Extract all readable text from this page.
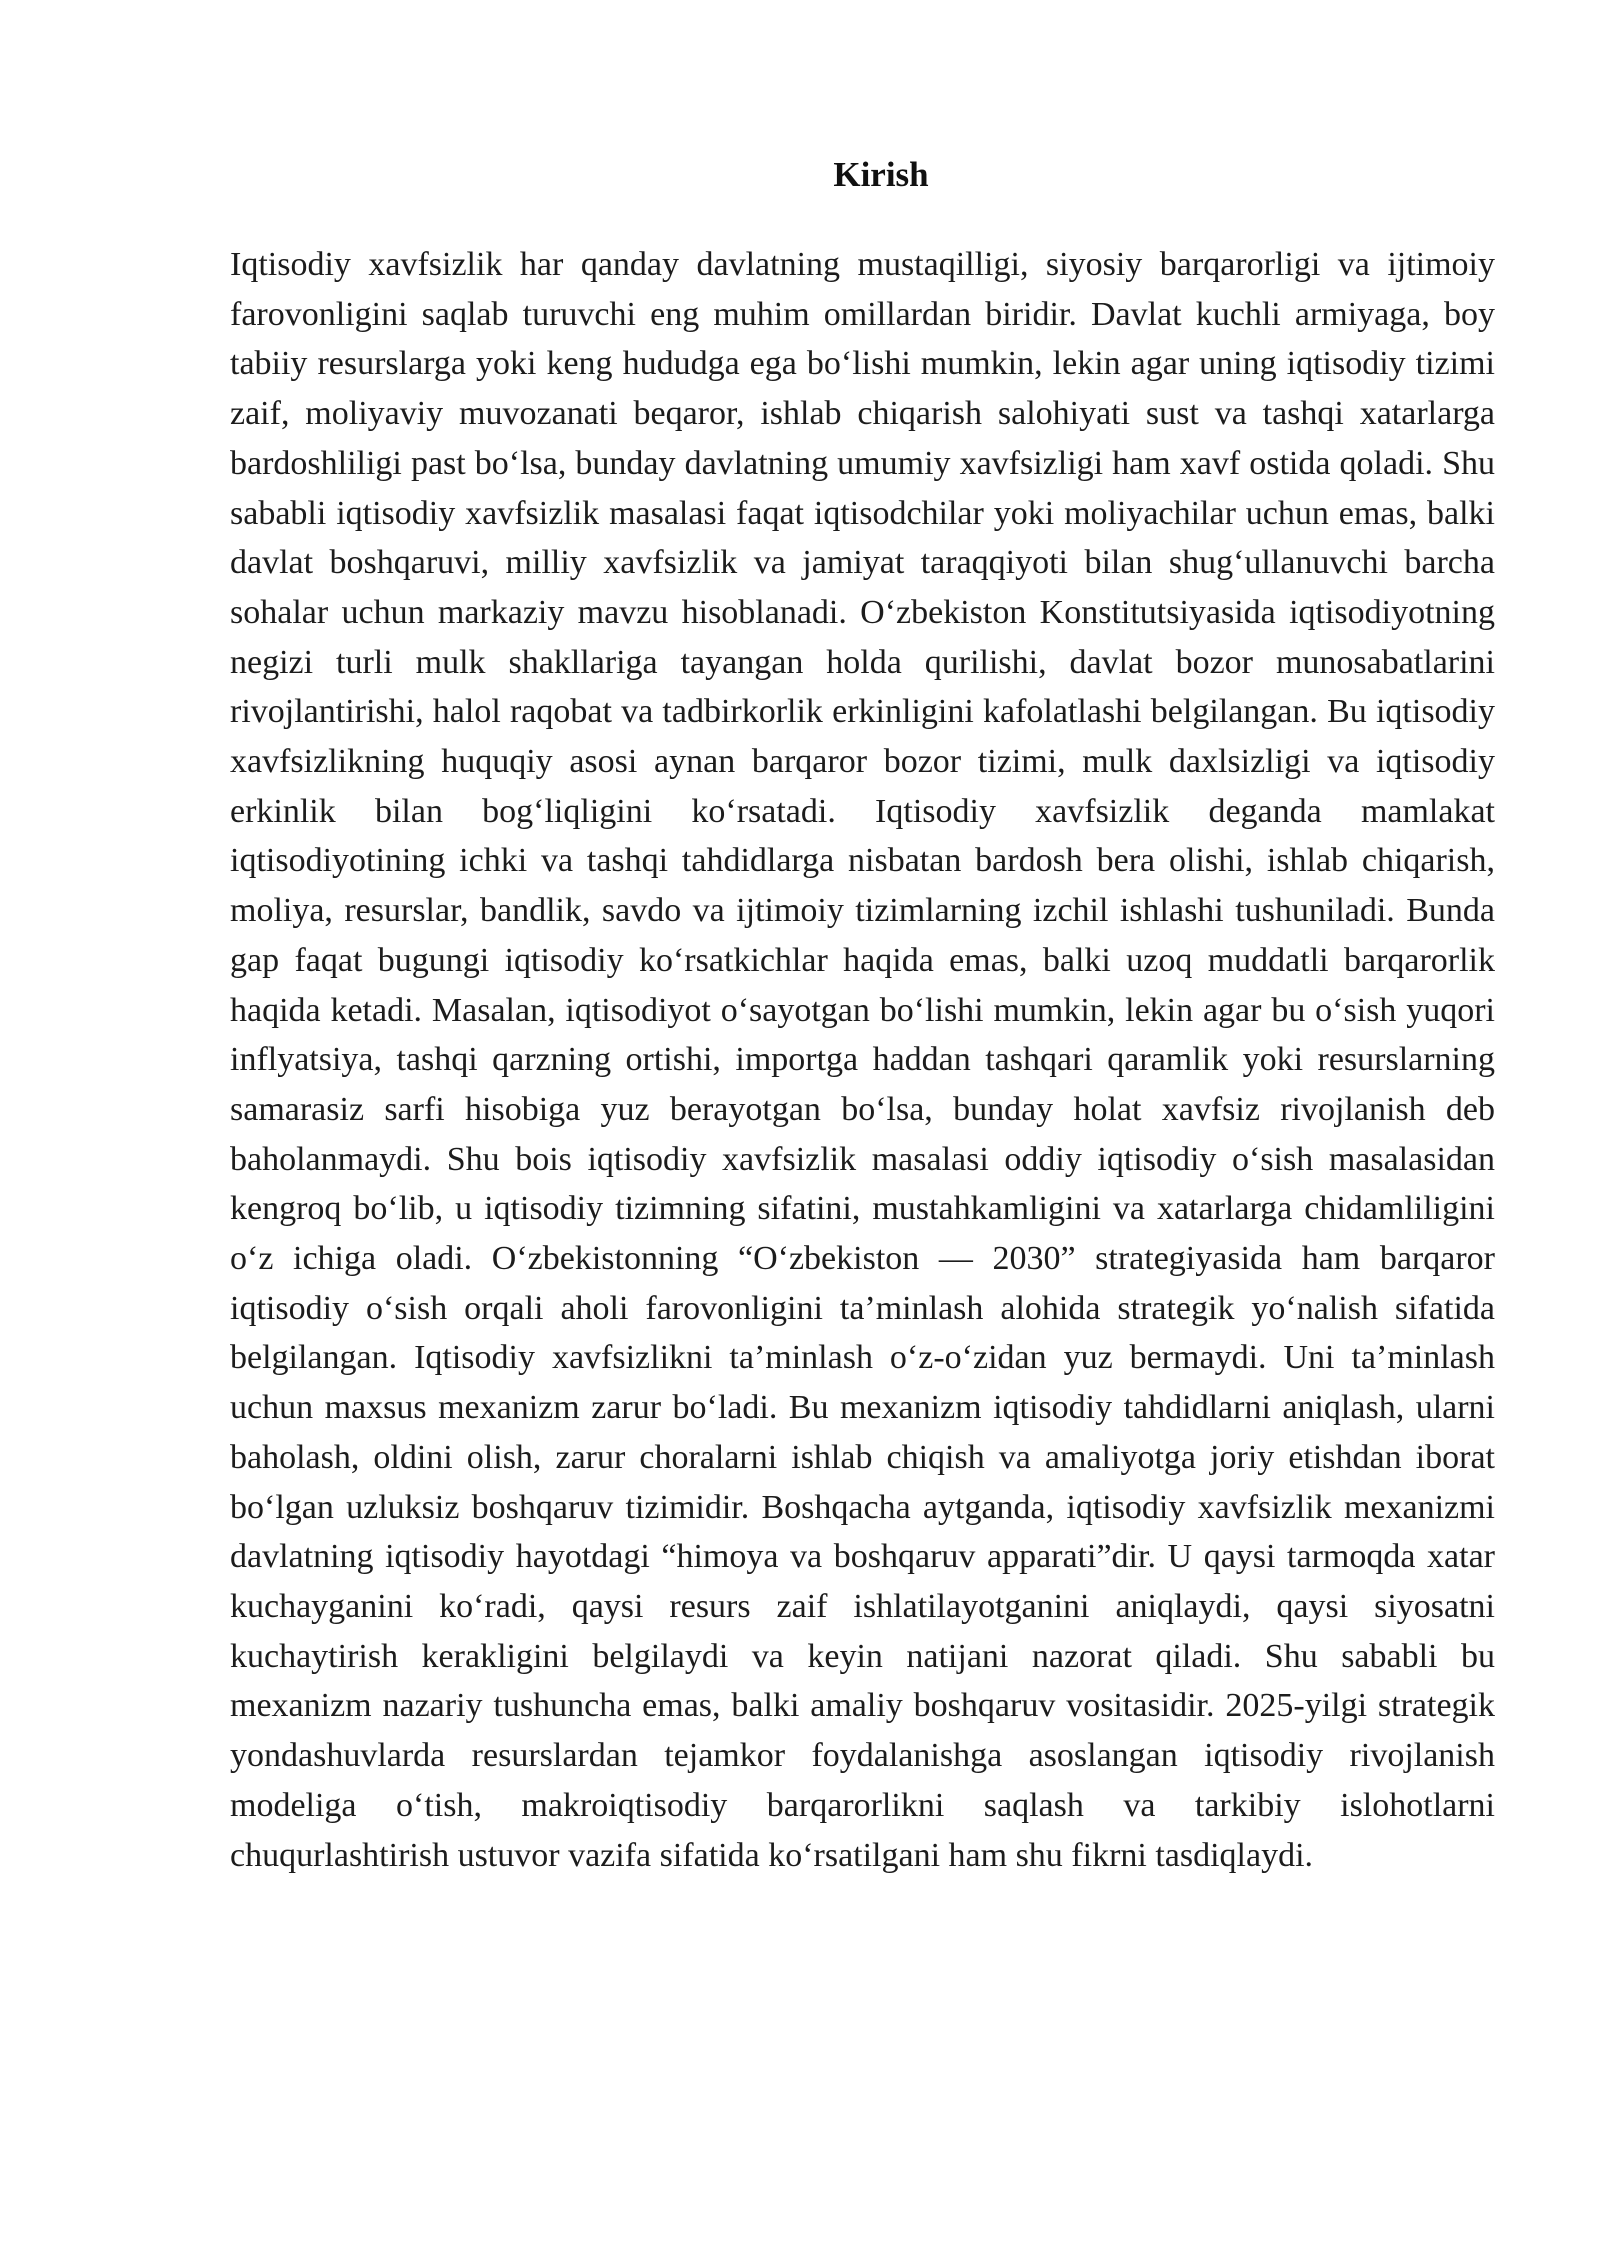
Kirish

Iqtisodiy xavfsizlik har qanday davlatning mustaqilligi, siyosiy barqarorligi va ijtimoiy farovonligini saqlab turuvchi eng muhim omillardan biridir. Davlat kuchli armiyaga, boy tabiiy resurslarga yoki keng hududga ega bo‘lishi mumkin, lekin agar uning iqtisodiy tizimi zaif, moliyaviy muvozanati beqaror, ishlab chiqarish salohiyati sust va tashqi xatarlarga bardoshliligi past bo‘lsa, bunday davlatning umumiy xavfsizligi ham xavf ostida qoladi. Shu sababli iqtisodiy xavfsizlik masalasi faqat iqtisodchilar yoki moliyachilar uchun emas, balki davlat boshqaruvi, milliy xavfsizlik va jamiyat taraqqiyoti bilan shug‘ullanuvchi barcha sohalar uchun markaziy mavzu hisoblanadi. O‘zbekiston Konstitutsiyasida iqtisodiyotning negizi turli mulk shakllariga tayangan holda qurilishi, davlat bozor munosabatlarini rivojlantirishi, halol raqobat va tadbirkorlik erkinligini kafolatlashi belgilangan. Bu iqtisodiy xavfsizlikning huquqiy asosi aynan barqaror bozor tizimi, mulk daxlsizligi va iqtisodiy erkinlik bilan bog‘liqligini ko‘rsatadi. Iqtisodiy xavfsizlik deganda mamlakat iqtisodiyotining ichki va tashqi tahdidlarga nisbatan bardosh bera olishi, ishlab chiqarish, moliya, resurslar, bandlik, savdo va ijtimoiy tizimlarning izchil ishlashi tushuniladi. Bunda gap faqat bugungi iqtisodiy ko‘rsatkichlar haqida emas, balki uzoq muddatli barqarorlik haqida ketadi. Masalan, iqtisodiyot o‘sayotgan bo‘lishi mumkin, lekin agar bu o‘sish yuqori inflyatsiya, tashqi qarzning ortishi, importga haddan tashqari qaramlik yoki resurslarning samarasiz sarfi hisobiga yuz berayotgan bo‘lsa, bunday holat xavfsiz rivojlanish deb baholanmaydi. Shu bois iqtisodiy xavfsizlik masalasi oddiy iqtisodiy o‘sish masalasidan kengroq bo‘lib, u iqtisodiy tizimning sifatini, mustahkamligini va xatarlarga chidamliligini o‘z ichiga oladi. O‘zbekistonning “O‘zbekiston — 2030” strategiyasida ham barqaror iqtisodiy o‘sish orqali aholi farovonligini ta’minlash alohida strategik yo‘nalish sifatida belgilangan. Iqtisodiy xavfsizlikni ta’minlash o‘z-o‘zidan yuz bermaydi. Uni ta’minlash uchun maxsus mexanizm zarur bo‘ladi. Bu mexanizm iqtisodiy tahdidlarni aniqlash, ularni baholash, oldini olish, zarur choralarni ishlab chiqish va amaliyotga joriy etishdan iborat bo‘lgan uzluksiz boshqaruv tizimidir. Boshqacha aytganda, iqtisodiy xavfsizlik mexanizmi davlatning iqtisodiy hayotdagi “himoya va boshqaruv apparati”dir. U qaysi tarmoqda xatar kuchayganini ko‘radi, qaysi resurs zaif ishlatilayotganini aniqlaydi, qaysi siyosatni kuchaytirish kerakligini belgilaydi va keyin natijani nazorat qiladi. Shu sababli bu mexanizm nazariy tushuncha emas, balki amaliy boshqaruv vositasidir. 2025-yilgi strategik yondashuvlarda resurslardan tejamkor foydalanishga asoslangan iqtisodiy rivojlanish modeliga o‘tish, makroiqtisodiy barqarorlikni saqlash va tarkibiy islohotlarni chuqurlashtirish ustuvor vazifa sifatida ko‘rsatilgani ham shu fikrni tasdiqlaydi.
